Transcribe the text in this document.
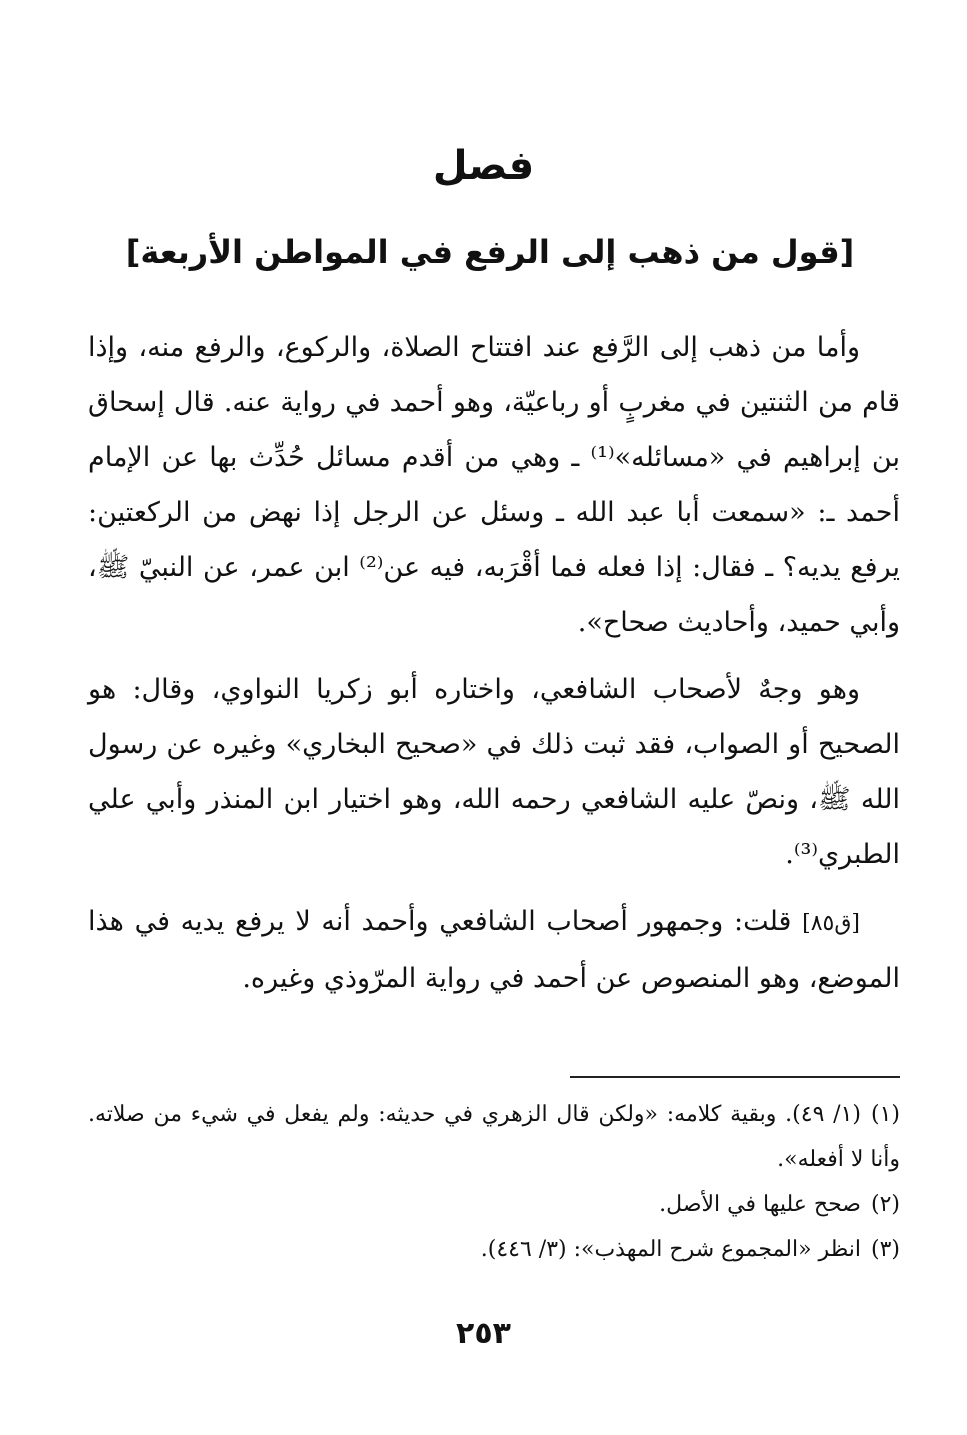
فصل
[قول من ذهب إلى الرفع في المواطن الأربعة]

وأما من ذهب إلى الرَّفع عند افتتاح الصلاة، والركوع، والرفع منه، وإذا قام من الثنتين في مغربٍ أو رباعيّة، وهو أحمد في رواية عنه. قال إسحاق بن إبراهيم في «مسائله»⁽¹⁾ ـ وهي من أقدم مسائل حُدِّث بها عن الإمام أحمد ـ: «سمعت أبا عبد الله ـ وسئل عن الرجل إذا نهض من الركعتين: يرفع يديه؟ ـ فقال: إذا فعله فما أقْرَبه، فيه عن⁽²⁾ ابن عمر، عن النبيّ ﷺ، وأبي حميد، وأحاديث صحاح».

وهو وجهٌ لأصحاب الشافعي، واختاره أبو زكريا النواوي، وقال: هو الصحيح أو الصواب، فقد ثبت ذلك في «صحيح البخاري» وغيره عن رسول الله ﷺ، ونصّ عليه الشافعي رحمه الله، وهو اختيار ابن المنذر وأبي علي الطبري⁽³⁾.

[ق٨٥] قلت: وجمهور أصحاب الشافعي وأحمد أنه لا يرفع يديه في هذا الموضع، وهو المنصوص عن أحمد في رواية المرّوذي وغيره.

(١)(١/ ٤٩). وبقية كلامه: «ولكن قال الزهري في حديثه: ولم يفعل في شيء من صلاته. وأنا لا أفعله».

(٢)صحح عليها في الأصل.

(٣)انظر «المجموع شرح المهذب»: (٣/ ٤٤٦).

٢٥٣
